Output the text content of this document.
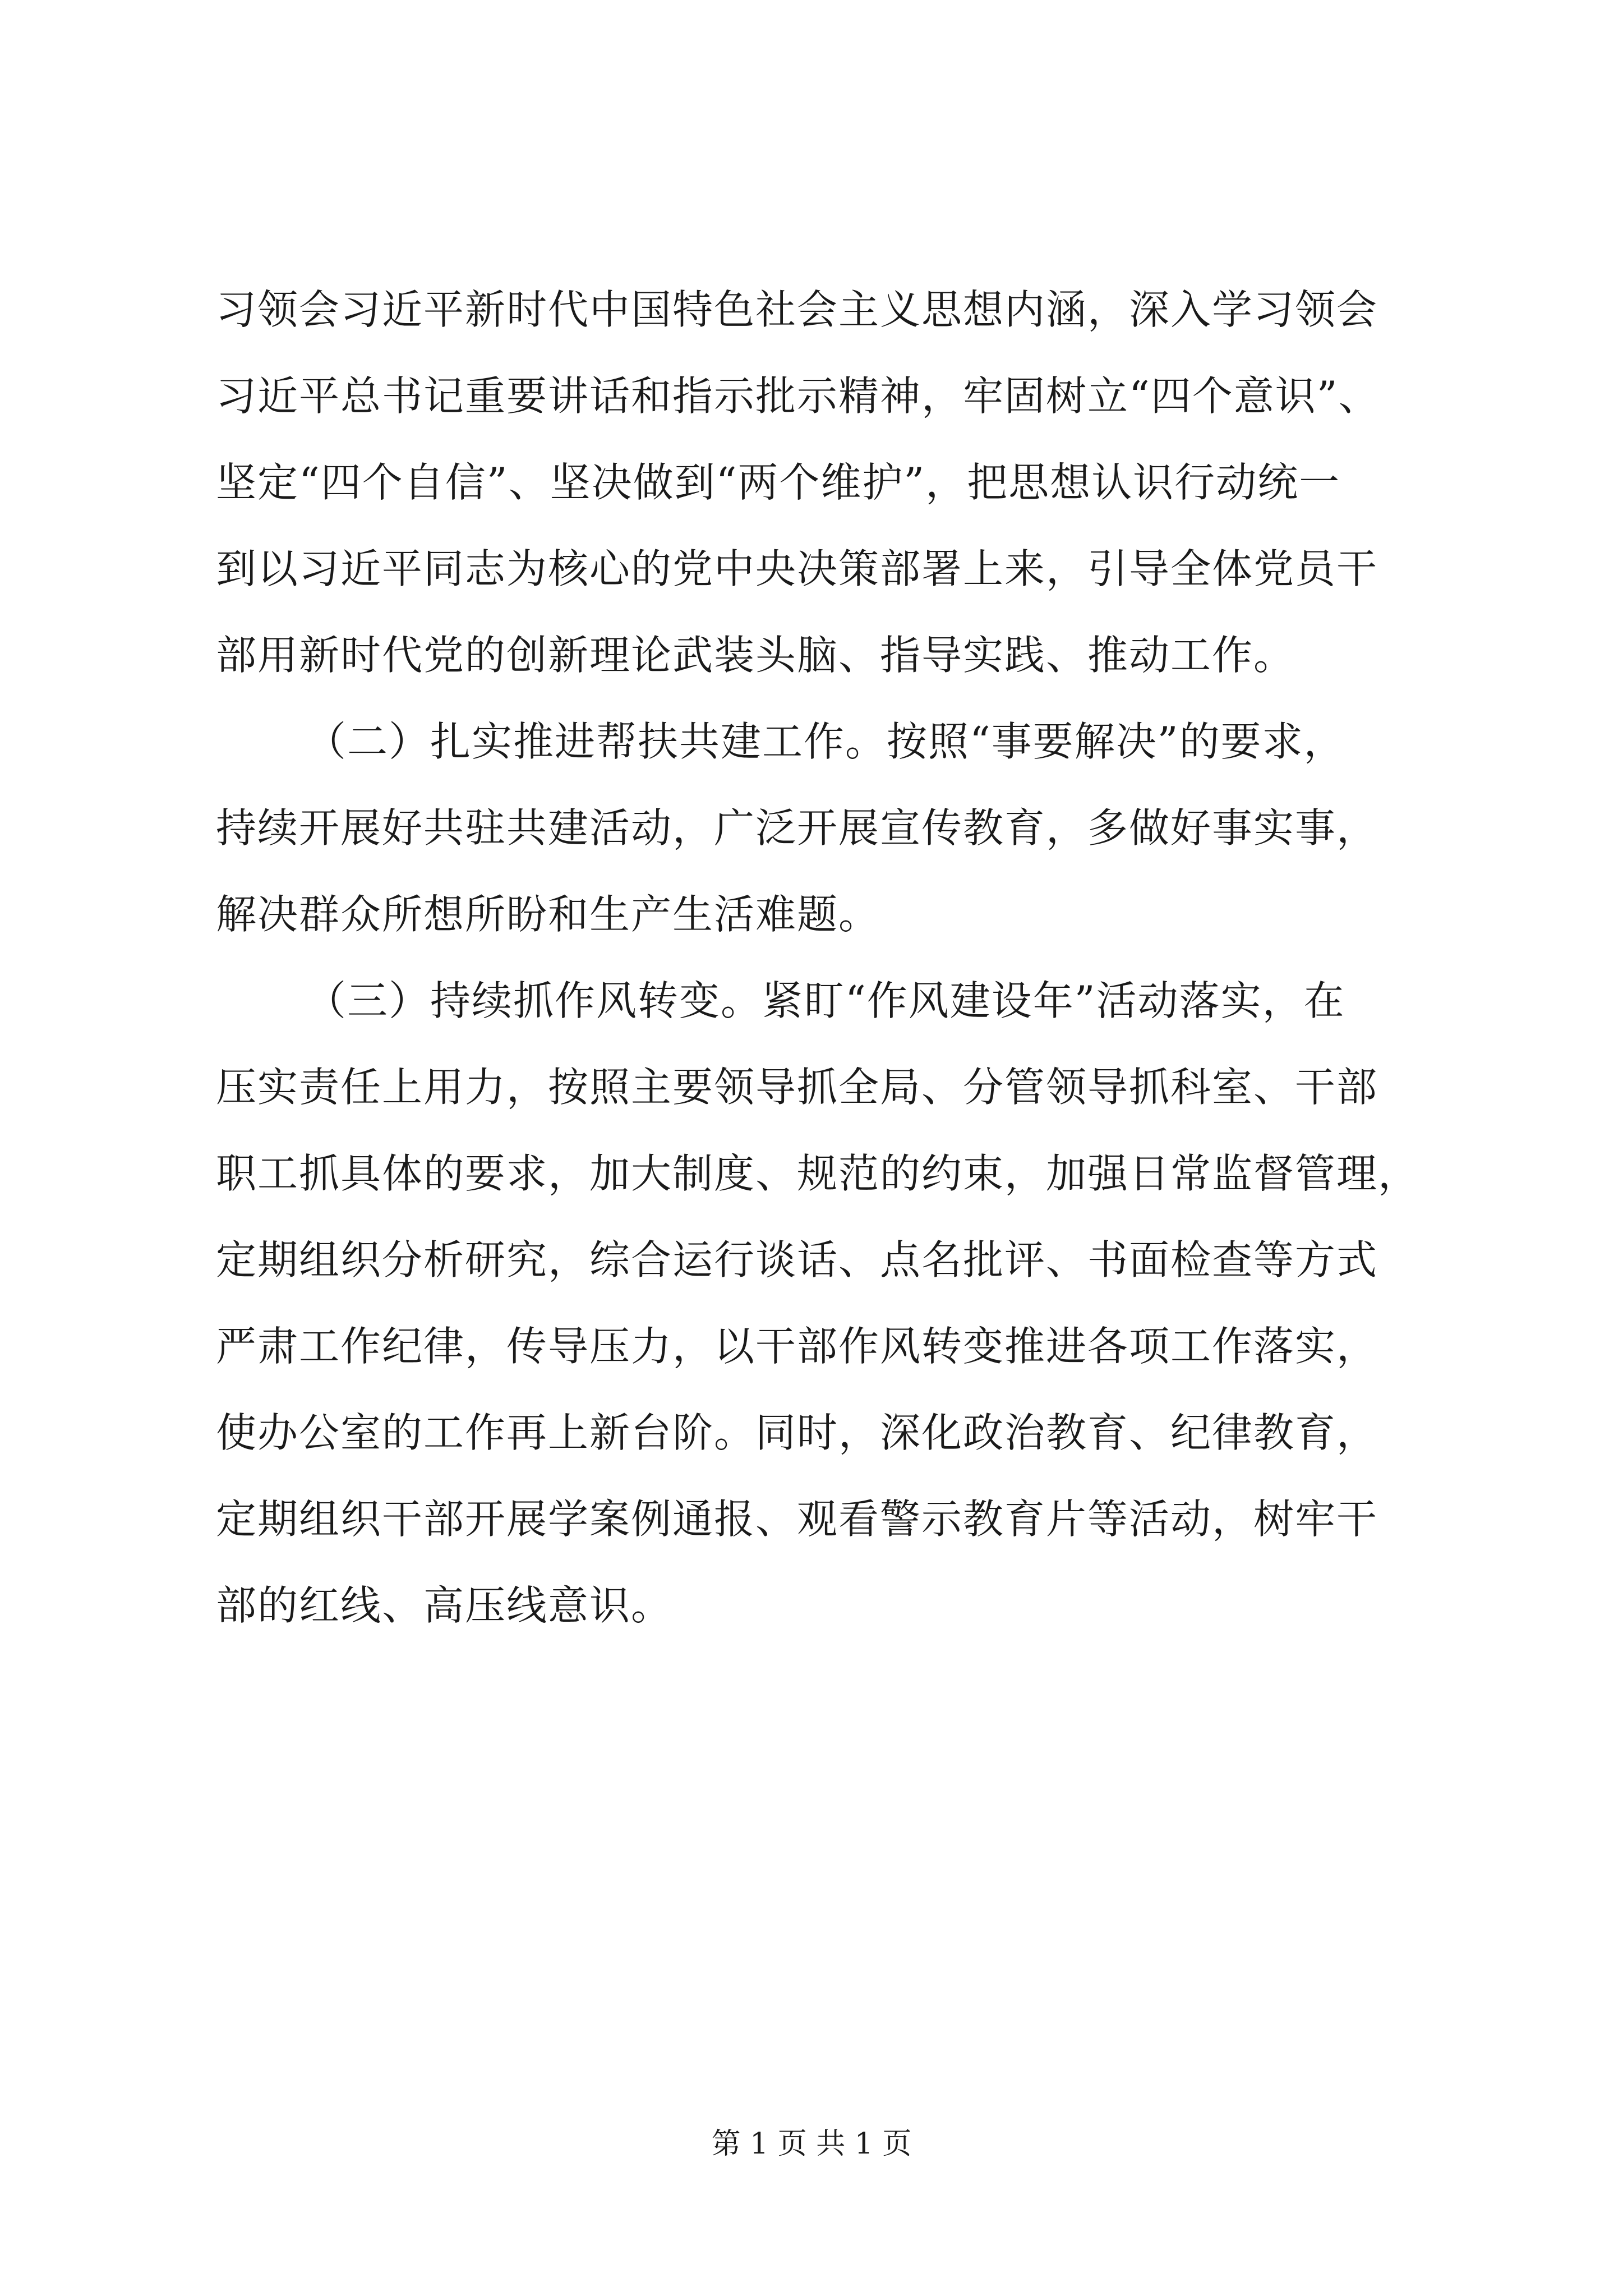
习领会习近平新时代中国特色社会主义思想内涵，深入学习领会
习近平总书记重要讲话和指示批示精神，牢固树立“四个意识”、
坚定“四个自信”、坚决做到“两个维护”，把思想认识行动统一
到以习近平同志为核心的党中央决策部署上来，引导全体党员干
部用新时代党的创新理论武装头脑、指导实践、推动工作。
（二）扎实推进帮扶共建工作。按照“事要解决”的要求，
持续开展好共驻共建活动，广泛开展宣传教育，多做好事实事，
解决群众所想所盼和生产生活难题。
（三）持续抓作风转变。紧盯“作风建设年”活动落实，在
压实责任上用力，按照主要领导抓全局、分管领导抓科室、干部
职工抓具体的要求，加大制度、规范的约束，加强日常监督管理，
定期组织分析研究，综合运行谈话、点名批评、书面检查等方式
严肃工作纪律，传导压力，以干部作风转变推进各项工作落实，
使办公室的工作再上新台阶。同时，深化政治教育、纪律教育，
定期组织干部开展学案例通报、观看警示教育片等活动，树牢干
部的红线、高压线意识。
第 1 页 共 1 页
